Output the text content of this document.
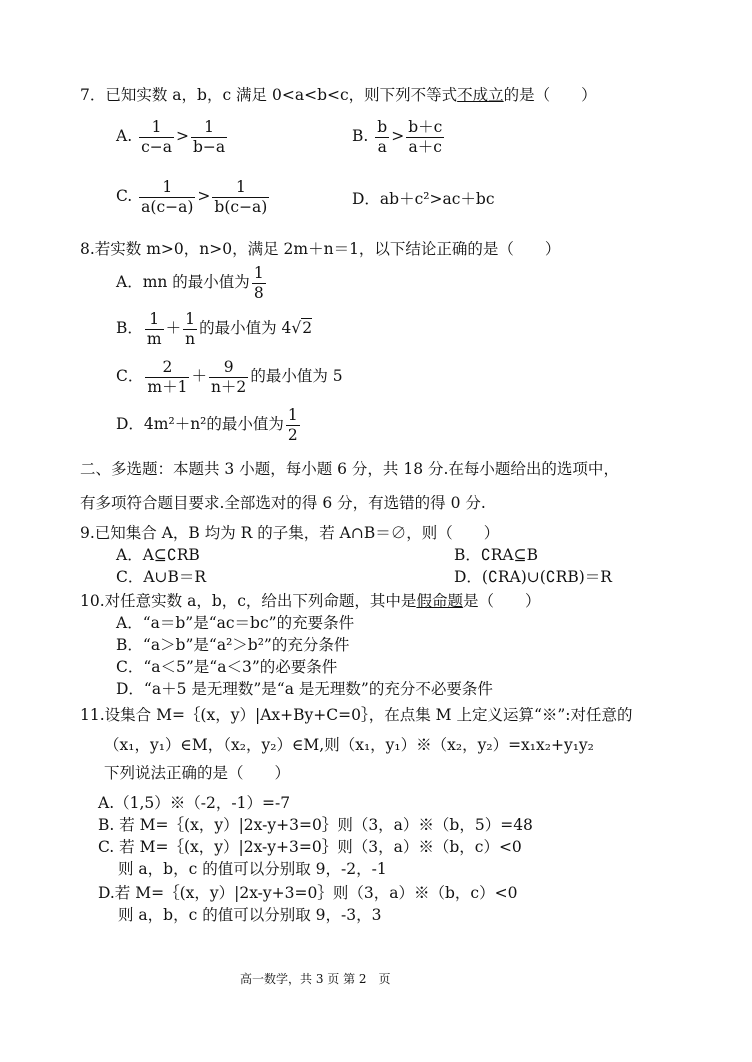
7．已知实数 a，b，c 满足 0<a<b<c，则下列不等式不成立的是（　　）
A. $\frac{1}{c-a} > \frac{1}{b-a}$	B. $\frac{b}{a} > \frac{b+c}{a+c}$
C. $\frac{1}{a(c-a)} > \frac{1}{b(c-a)}$	D．ab＋c²>ac＋bc
8.若实数 m>0，n>0，满足 2m＋n＝1，以下结论正确的是（　　）
A．mn 的最小值为 $\frac{1}{8}$
B． $\frac{1}{m} + \frac{1}{n}$ 的最小值为 4√2
C． $\frac{2}{m+1} + \frac{9}{n+2}$ 的最小值为 5
D．4m²＋n²的最小值为 $\frac{1}{2}$
二、多选题：本题共 3 小题，每小题 6 分，共 18 分.在每小题给出的选项中，
有多项符合题目要求.全部选对的得 6 分，有选错的得 0 分.
9.已知集合 A，B 均为 R 的子集，若 A∩B＝∅，则（　　）
A．A⊆∁RB	B．∁RA⊆B
C．A∪B＝R	D．(∁RA)∪(∁RB)＝R
10.对任意实数 a，b，c，给出下列命题，其中是假命题是（　　）
A．“a＝b”是“ac＝bc”的充要条件
B．“a＞b”是“a²＞b²”的充分条件
C．“a＜5”是“a＜3”的必要条件
D．“a＋5 是无理数”是“a 是无理数”的充分不必要条件
11.设集合 M=｛(x，y）|Ax+By+C=0｝，在点集 M 上定义运算“※”:对任意的
（x₁，y₁）∈M，（x₂，y₂）∈M,则（x₁，y₁）※（x₂，y₂）=x₁x₂+y₁y₂
下列说法正确的是（　　）
A.（1,5）※（-2，-1）=-7
B. 若 M=｛(x，y）|2x-y+3=0｝则（3，a）※（b，5）=48
C. 若 M=｛(x，y）|2x-y+3=0｝则（3，a）※（b，c）<0
则 a，b，c 的值可以分别取 9，-2，-1
D.若 M=｛(x，y）|2x-y+3=0｝则（3，a）※（b，c）<0
则 a，b，c 的值可以分别取 9，-3，3
高一数学，共 3 页 第 2　页
